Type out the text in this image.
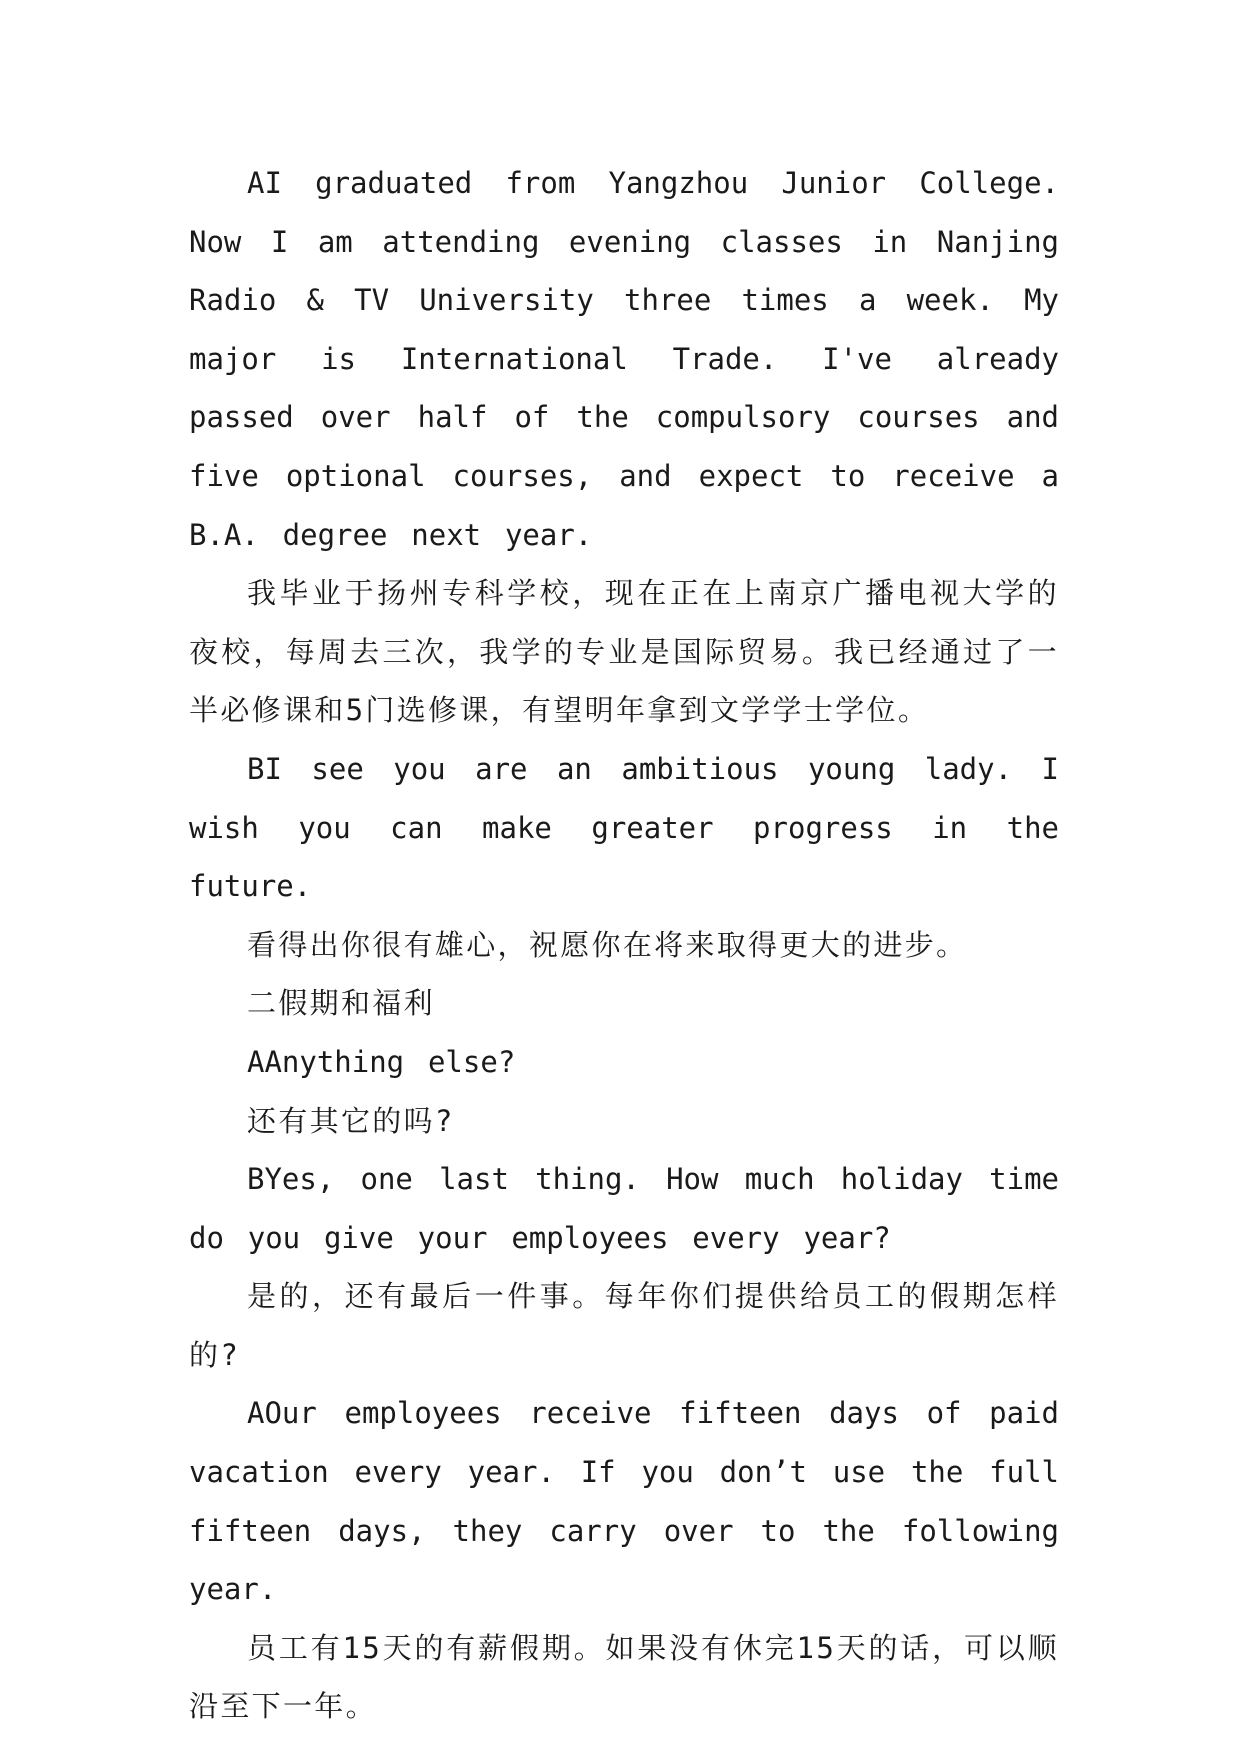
AI graduated from Yangzhou Junior College. Now I am attending evening classes in Nanjing Radio & TV University three times a week. My major is International Trade. I've already passed over half of the compulsory courses and five optional courses, and expect to receive a B.A. degree next year.

我毕业于扬州专科学校，现在正在上南京广播电视大学的夜校，每周去三次，我学的专业是国际贸易。我已经通过了一半必修课和5门选修课，有望明年拿到文学学士学位。

BI see you are an ambitious young lady. I wish you can make greater progress in the future.

看得出你很有雄心，祝愿你在将来取得更大的进步。

二假期和福利

AAnything else?

还有其它的吗?

BYes, one last thing. How much holiday time do you give your employees every year?

是的，还有最后一件事。每年你们提供给员工的假期怎样的?

AOur employees receive fifteen days of paid vacation every year. If you don’t use the full fifteen days, they carry over to the following year.

员工有15天的有薪假期。如果没有休完15天的话，可以顺沿至下一年。
